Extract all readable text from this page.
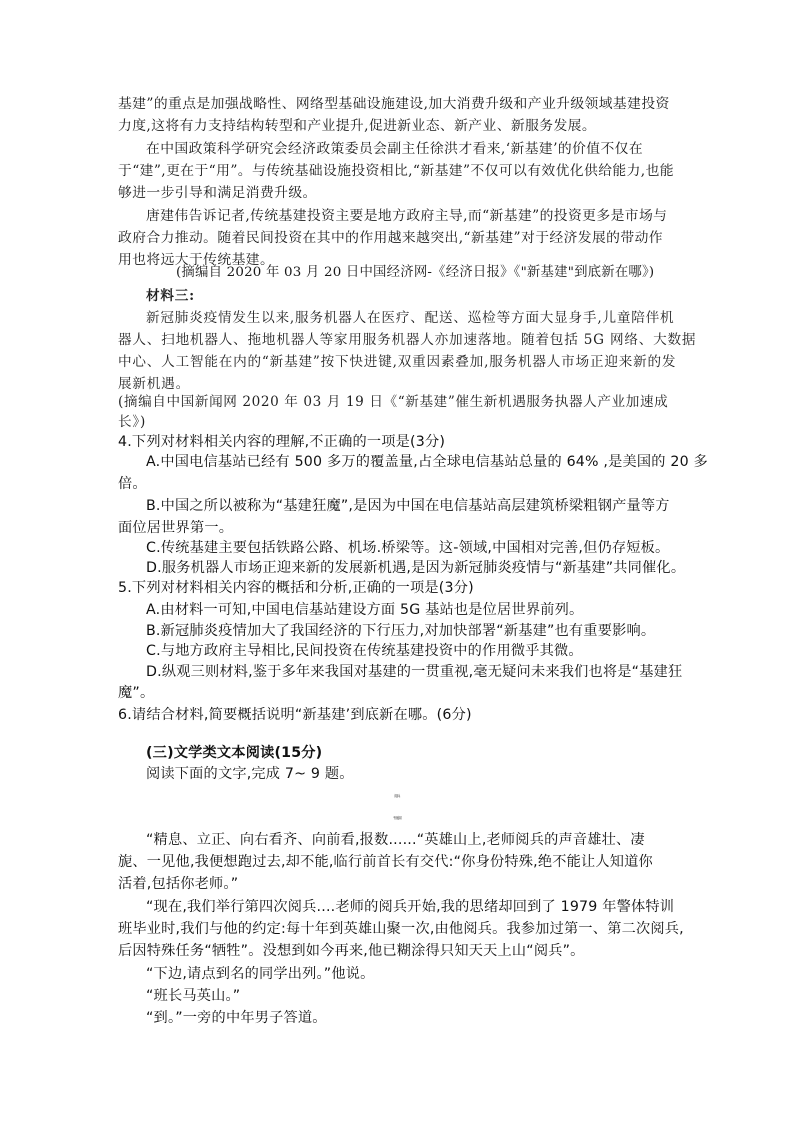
基建”的重点是加强战略性、网络型基础设施建设,加大消费升级和产业升级领域基建投资
力度,这将有力支持结构转型和产业提升,促进新业态、新产业、新服务发展。
在中国政策科学研究会经济政策委员会副主任徐洪才看来,‘新基建’的价值不仅在
于“建”,更在于“用”。与传统基础设施投资相比,“新基建”不仅可以有效优化供给能力,也能
够进一步引导和满足消费升级。
唐建伟告诉记者,传统基建投资主要是地方政府主导,而“新基建”的投资更多是市场与
政府合力推动。随着民间投资在其中的作用越来越突出,“新基建”对于经济发展的带动作
用也将远大于传统基建。
(摘编自 2020 年 03 月 20 日中国经济网-《经济日报》《"新基建"到底新在哪》)
材料三:
新冠肺炎疫情发生以来,服务机器人在医疗、配送、巡检等方面大显身手,儿童陪伴机
器人、扫地机器人、拖地机器人等家用服务机器人亦加速落地。随着包括 5G 网络、大数据
中心、人工智能在内的“新基建”按下快进键,双重因素叠加,服务机器人市场正迎来新的发
展新机遇。
(摘编自中国新闻网 2020 年 03 月 19 日《“新基建”催生新机遇服务执器人产业加速成
长》)
4.下列对材料相关内容的理解,不正确的一项是(3分)
A.中国电信基站已经有 500 多万的覆盖量,占全球电信基站总量的 64% ,是美国的 20 多
倍。
B.中国之所以被称为“基建狂魔”,是因为中国在电信基站高层建筑桥梁粗钢产量等方
面位居世界第一。
C.传统基建主要包括铁路公路、机场.桥梁等。这-领域,中国相对完善,但仍存短板。
D.服务机器人市场正迎来新的发展新机遇,是因为新冠肺炎疫情与“新基建”共同催化。
5.下列对材料相关内容的概括和分析,正确的一项是(3分)
A.由材料一可知,中国电信基站建设方面 5G 基站也是位居世界前列。
B.新冠肺炎疫情加大了我国经济的下行压力,对加快部署“新基建”也有重要影响。
C.与地方政府主导相比,民间投资在传统基建投资中的作用微乎其微。
D.纵观三则材料,鉴于多年来我国对基建的一贯重视,毫无疑问未来我们也将是“基建狂
魔”。
6.请结合材料,简要概括说明“新基建’到底新在哪。(6分)
(三)文学类文本阅读(15分)
阅读下面的文字,完成 7~ 9 题。
阅兵
韦延丽
“精息、立正、向右看齐、向前看,报数......“英雄山上,老师阅兵的声音雄壮、凄
旎、一见他,我便想跑过去,却不能,临行前首长有交代:“你身份特殊,绝不能让人知道你
活着,包括你老师。”
“现在,我们举行第四次阅兵....老师的阅兵开始,我的思绪却回到了 1979 年警体特训
班毕业时,我们与他的约定:每十年到英雄山聚一次,由他阅兵。我参加过第一、第二次阅兵,
后因特殊任务“牺牲”。没想到如今再来,他已糊涂得只知天天上山“阅兵”。
“下边,请点到名的同学出列。”他说。
“班长马英山。”
“到。”一旁的中年男子答道。
